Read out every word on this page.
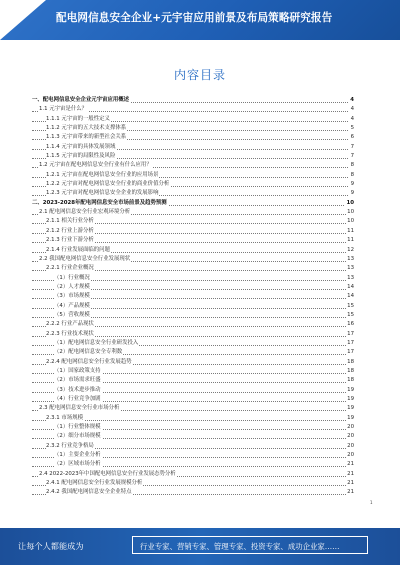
配电网信息安全企业+元宇宙应用前景及布局策略研究报告
内容目录
一、配电网信息安全企业元宇宙应用概述	4
1.1 元宇宙是什么？	4
1.1.1 元宇宙的一般性定义	4
1.1.2 元宇宙的五大技术支撑体系	5
1.1.3 元宇宙带来的新型社会关系	6
1.1.4 元宇宙的具体发展领域	7
1.1.5 元宇宙的局限性及风险	7
1.2 元宇宙在配电网信息安全行业有什么应用？	8
1.2.1 元宇宙在配电网信息安全行业的应用场景	8
1.2.2 元宇宙对配电网信息安全行业的商业价值分析	9
1.2.3 元宇宙对配电网信息安全企业的发展影响	9
二、2023-2028年配电网信息安全市场前景及趋势预测	10
2.1 配电网信息安全行业宏观环境分析	10
2.1.1 相关行业分析	10
2.1.2 行业上游分析	11
2.1.3 行业下游分析	11
2.1.4 行业发展面临的问题	12
2.2 我国配电网信息安全行业发展现状	13
2.2.1 行业企业概况	13
（1）行业概况	13
（2）人才规模	14
（3）市场规模	14
（4）产品规模	15
（5）营收规模	15
2.2.2 行业产品现状	16
2.2.3 行业技术现状	17
（1）配电网信息安全行业研发投入	17
（2）配电网信息安全专利数	17
2.2.4 配电网信息安全行业发展趋势	18
（1）国家政策支持	18
（2）市场需求旺盛	18
（3）技术进步推动	19
（4）行业竞争加剧	19
2.3 配电网信息安全行业市场分析	19
2.3.1 市场规模	19
（1）行业整体规模	20
（2）细分市场规模	20
2.3.2 行业竞争格局	20
（1）主要企业分析	20
（2）区域市场分析	21
2.4 2022-2023年中国配电网信息安全行业发展态势分析	21
2.4.1 配电网信息安全行业发展规模分析	21
2.4.2 我国配电网信息安全企业特点	21
1
让每个人都能成为	行业专家、营销专家、管理专家、投资专家、成功企业家……
